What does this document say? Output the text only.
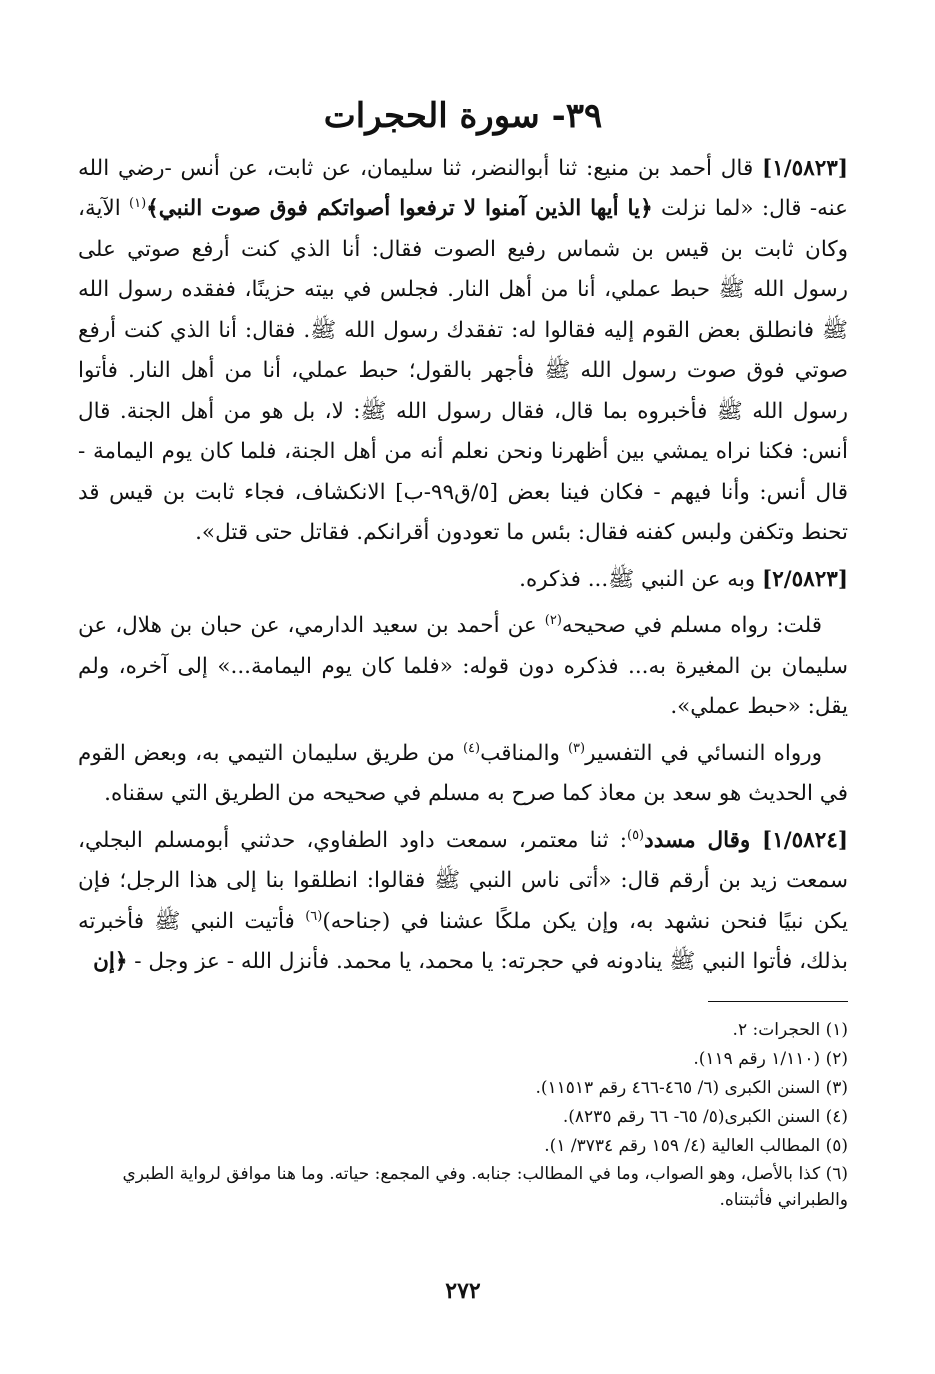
٣٩- سورة الحجرات

[١/٥٨٢٣] قال أحمد بن منيع: ثنا أبوالنضر، ثنا سليمان، عن ثابت، عن أنس -رضي الله عنه- قال: «لما نزلت ﴿يا أيها الذين آمنوا لا ترفعوا أصواتكم فوق صوت النبي﴾$^{(١)}$ الآية، وكان ثابت بن قيس بن شماس رفيع الصوت فقال: أنا الذي كنت أرفع صوتي على رسول الله ﷺ حبط عملي، أنا من أهل النار. فجلس في بيته حزينًا، ففقده رسول الله ﷺ فانطلق بعض القوم إليه فقالوا له: تفقدك رسول الله ﷺ. فقال: أنا الذي كنت أرفع صوتي فوق صوت رسول الله ﷺ فأجهر بالقول؛ حبط عملي، أنا من أهل النار. فأتوا رسول الله ﷺ فأخبروه بما قال، فقال رسول الله ﷺ: لا، بل هو من أهل الجنة. قال أنس: فكنا نراه يمشي بين أظهرنا ونحن نعلم أنه من أهل الجنة، فلما كان يوم اليمامة - قال أنس: وأنا فيهم - فكان فينا بعض [٥/ق٩٩-ب] الانكشاف، فجاء ثابت بن قيس قد تحنط وتكفن ولبس كفنه فقال: بئس ما تعودون أقرانكم. فقاتل حتى قتل».

[٢/٥٨٢٣] وبه عن النبي ﷺ... فذكره.

قلت: رواه مسلم في صحيحه$^{(٢)}$ عن أحمد بن سعيد الدارمي، عن حبان بن هلال، عن سليمان بن المغيرة به... فذكره دون قوله: «فلما كان يوم اليمامة...» إلى آخره، ولم يقل: «حبط عملي».

ورواه النسائي في التفسير$^{(٣)}$ والمناقب$^{(٤)}$ من طريق سليمان التيمي به، وبعض القوم في الحديث هو سعد بن معاذ كما صرح به مسلم في صحيحه من الطريق التي سقناه.

[١/٥٨٢٤] وقال مسدد$^{(٥)}$: ثنا معتمر، سمعت داود الطفاوي، حدثني أبومسلم البجلي، سمعت زيد بن أرقم قال: «أتى ناس النبي ﷺ فقالوا: انطلقوا بنا إلى هذا الرجل؛ فإن يكن نبيًا فنحن نشهد به، وإن يكن ملكًا عشنا في (جناحه)$^{(٦)}$ فأتيت النبي ﷺ فأخبرته بذلك، فأتوا النبي ﷺ ينادونه في حجرته: يا محمد، يا محمد. فأنزل الله - عز وجل - ﴿إن

(١) الحجرات: ٢.

(٢) (١/١١٠ رقم ١١٩).

(٣) السنن الكبرى (٦/ ٤٦٥-٤٦٦ رقم ١١٥١٣).

(٤) السنن الكبرى(٥/ ٦٥- ٦٦ رقم ٨٢٣٥).

(٥) المطالب العالية (٤/ ١٥٩ رقم ٣٧٣٤/ ١).

(٦) كذا بالأصل، وهو الصواب، وما في المطالب: جنابه. وفي المجمع: حياته. وما هنا موافق لرواية الطبري والطبراني فأثبتناه.

٢٧٢
